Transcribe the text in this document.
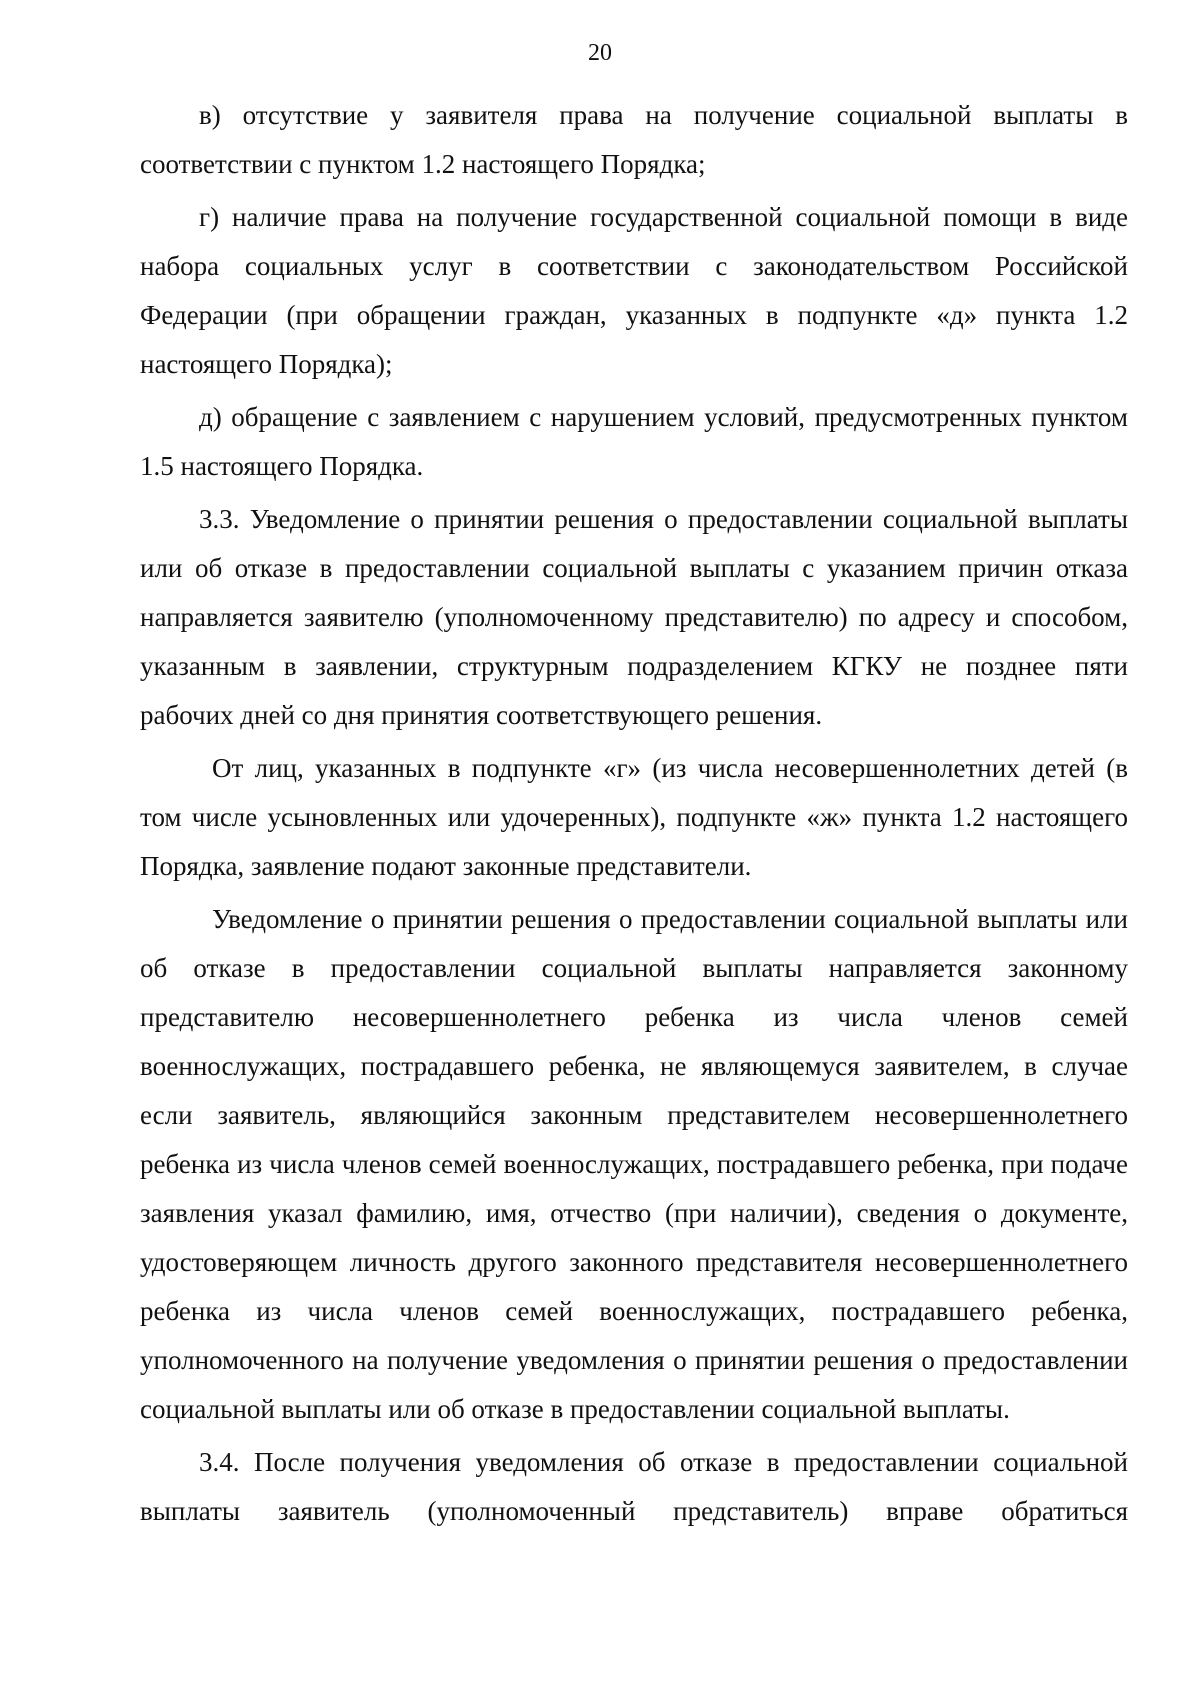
20

в) отсутствие у заявителя права на получение социальной выплаты в соответствии с пунктом 1.2 настоящего Порядка;

г) наличие права на получение государственной социальной помощи в виде набора социальных услуг в соответствии с законодательством Российской Федерации (при обращении граждан, указанных в подпункте «д» пункта 1.2 настоящего Порядка);

д) обращение с заявлением с нарушением условий, предусмотренных пунктом 1.5 настоящего Порядка.

3.3. Уведомление о принятии решения о предоставлении социальной выплаты или об отказе в предоставлении социальной выплаты с указанием причин отказа направляется заявителю (уполномоченному представителю) по адресу и способом, указанным в заявлении, структурным подразделением КГКУ не позднее пяти рабочих дней со дня принятия соответствующего решения.

От лиц, указанных в подпункте «г» (из числа несовершеннолетних детей (в том числе усыновленных или удочеренных), подпункте «ж» пункта 1.2 настоящего Порядка, заявление подают законные представители.

Уведомление о принятии решения о предоставлении социальной выплаты или об отказе в предоставлении социальной выплаты направляется законному представителю несовершеннолетнего ребенка из числа членов семей военнослужащих, пострадавшего ребенка, не являющемуся заявителем, в случае если заявитель, являющийся законным представителем несовершеннолетнего ребенка из числа членов семей военнослужащих, пострадавшего ребенка, при подаче заявления указал фамилию, имя, отчество (при наличии), сведения о документе, удостоверяющем личность другого законного представителя несовершеннолетнего ребенка из числа членов семей военнослужащих, пострадавшего ребенка, уполномоченного на получение уведомления о принятии решения о предоставлении социальной выплаты или об отказе в предоставлении социальной выплаты.

3.4. После получения уведомления об отказе в предоставлении социальной выплаты заявитель (уполномоченный представитель) вправе обратиться
